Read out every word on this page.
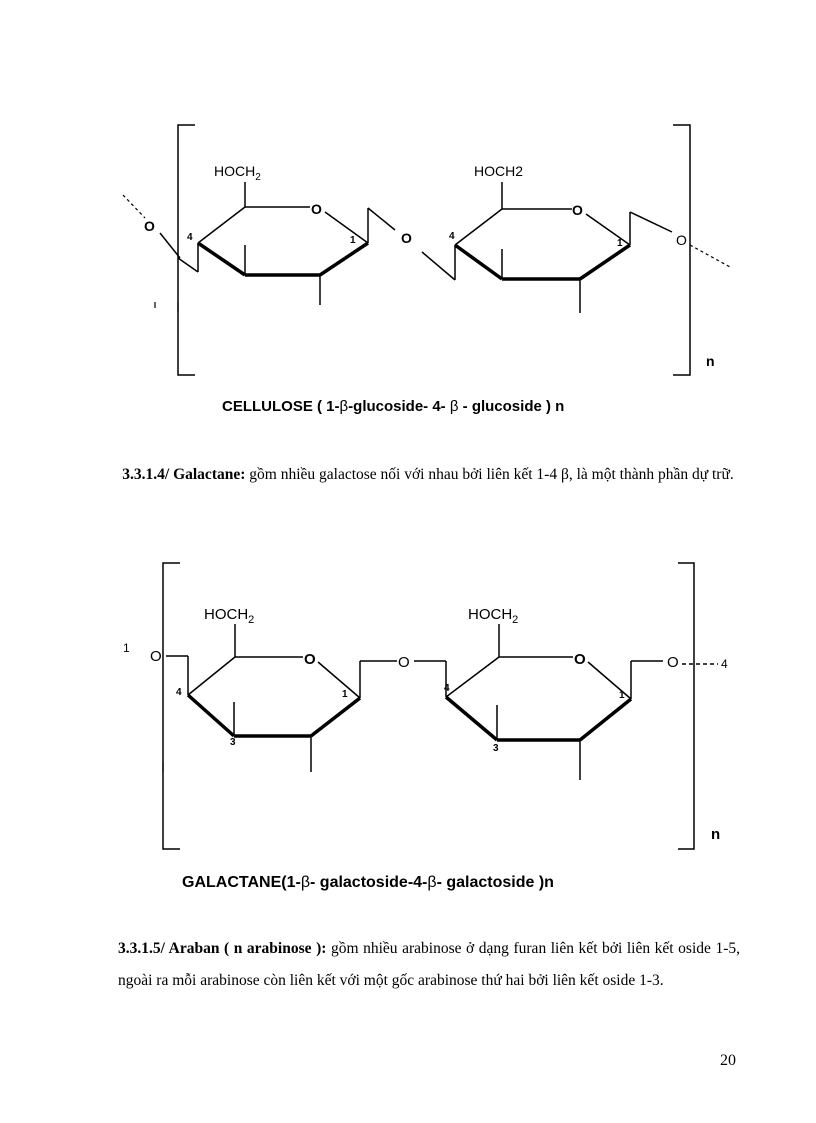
$HOCH_2$	HOCH2
O	O
O
O
O
4	1	4
1
n
CELLULOSE ( 1-β-glucoside- 4- β - glucoside ) n
3.3.1.4/ Galactane: gồm nhiều galactose nối với nhau bởi liên kết 1-4 β, là một thành phần dự trữ.
$HOCH_2$	$HOCH_2$
O	O
O
O	O
1
4
4	1
3
4
1
3
n
GALACTANE(1-β- galactoside-4-β- galactoside )n
3.3.1.5/ Araban ( n arabinose ): gồm nhiều arabinose ở dạng furan liên kết bởi liên kết oside 1-5, ngoài ra mỗi arabinose còn liên kết với một gốc arabinose thứ hai bởi liên kết oside 1-3.
20
